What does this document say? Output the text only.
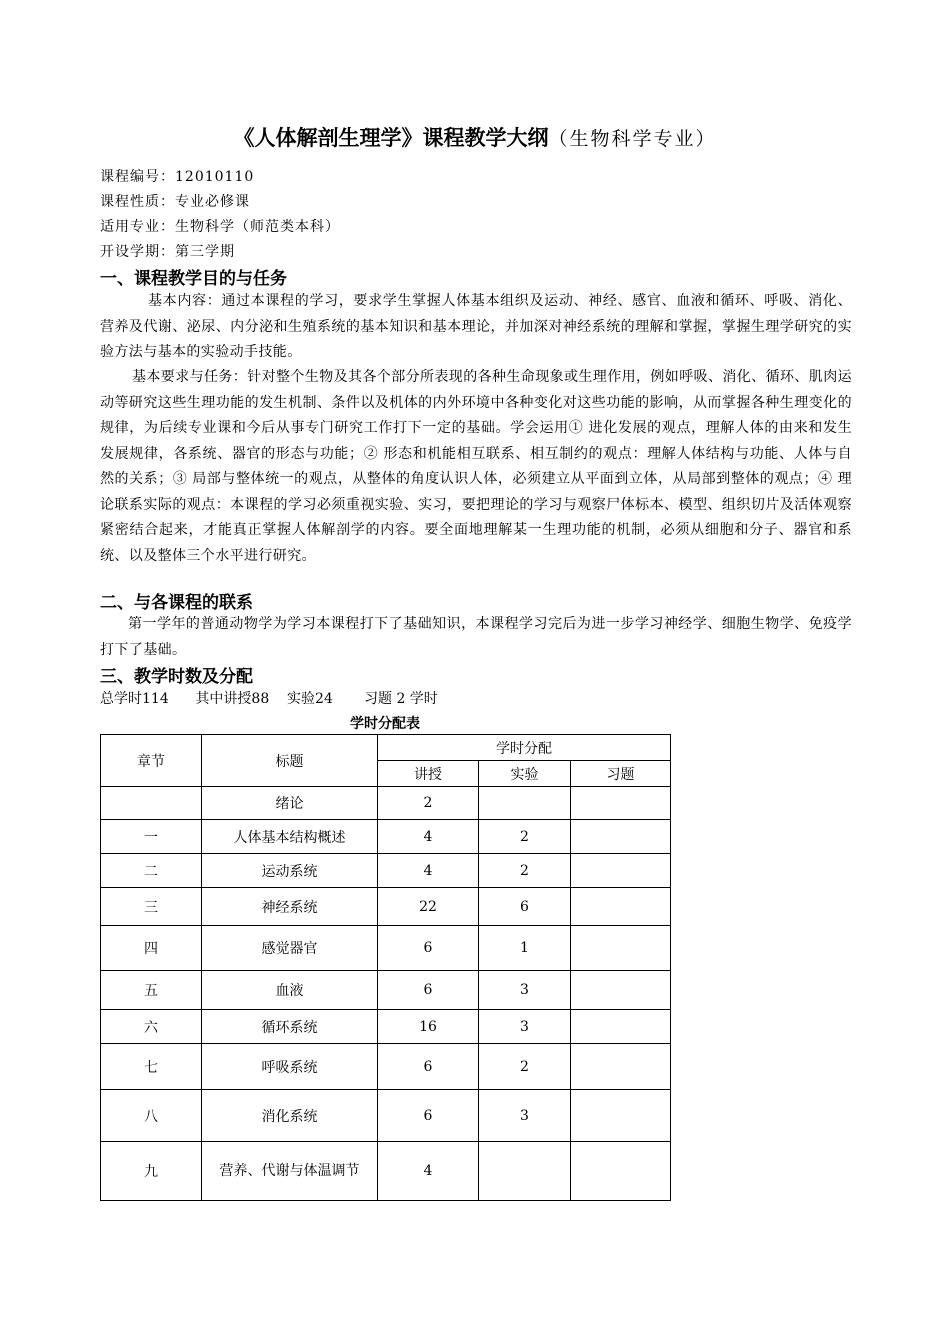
《人体解剖生理学》课程教学大纲（生物科学专业）
课程编号：12010110
课程性质：专业必修课
适用专业：生物科学（师范类本科）
开设学期：第三学期
一、课程教学目的与任务
基本内容：通过本课程的学习，要求学生掌握人体基本组织及运动、神经、感官、血液和循环、呼吸、消化、营养及代谢、泌尿、内分泌和生殖系统的基本知识和基本理论，并加深对神经系统的理解和掌握，掌握生理学研究的实验方法与基本的实验动手技能。
基本要求与任务：针对整个生物及其各个部分所表现的各种生命现象或生理作用，例如呼吸、消化、循环、肌肉运动等研究这些生理功能的发生机制、条件以及机体的内外环境中各种变化对这些功能的影响，从而掌握各种生理变化的规律，为后续专业课和今后从事专门研究工作打下一定的基础。学会运用① 进化发展的观点，理解人体的由来和发生发展规律，各系统、器官的形态与功能；② 形态和机能相互联系、相互制约的观点：理解人体结构与功能、人体与自然的关系；③ 局部与整体统一的观点，从整体的角度认识人体，必须建立从平面到立体，从局部到整体的观点；④ 理论联系实际的观点：本课程的学习必须重视实验、实习，要把理论的学习与观察尸体标本、模型、组织切片及活体观察紧密结合起来，才能真正掌握人体解剖学的内容。要全面地理解某一生理功能的机制，必须从细胞和分子、器官和系统、以及整体三个水平进行研究。
二、与各课程的联系
第一学年的普通动物学为学习本课程打下了基础知识，本课程学习完后为进一步学习神经学、细胞生物学、免疫学打下了基础。
三、教学时数及分配
总学时114      其中讲授88    实验24       习题 2 学时
学时分配表
章节	标题	学时分配		
		讲授	实验	习题
	绪论	2		
一	人体基本结构概述	4	2	
二	运动系统	4	2	
三	神经系统	22	6	
四	感觉器官	6	1	
五	血液	6	3	
六	循环系统	16	3	
七	呼吸系统	6	2	
八	消化系统	6	3	
九	营养、代谢与体温调节	4		
